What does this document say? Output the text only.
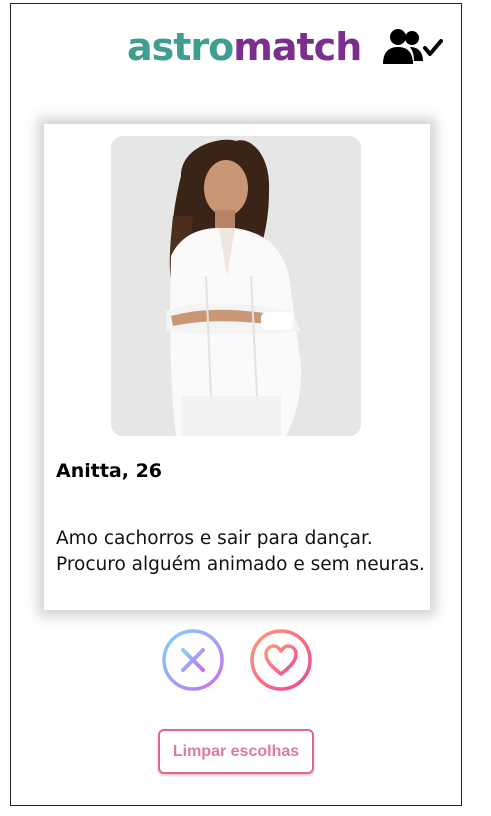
astromatch
Anitta, 26
Amo cachorros e sair para dançar. Procuro alguém animado e sem neuras.
Limpar escolhas
